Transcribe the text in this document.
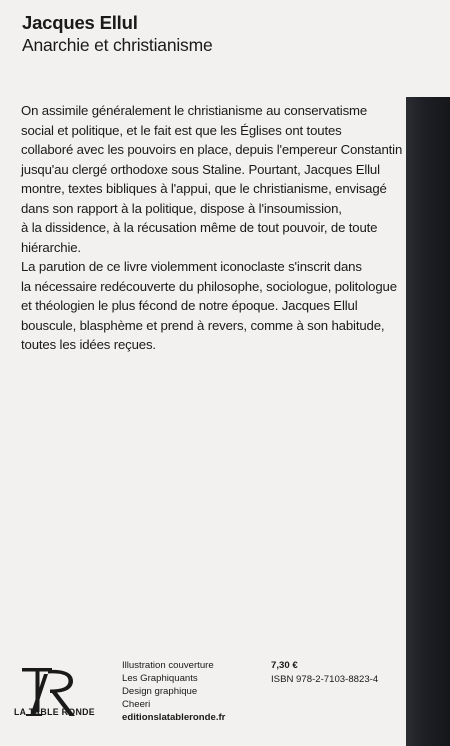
Jacques Ellul
Anarchie et christianisme

On assimile généralement le christianisme au conservatisme
social et politique, et le fait est que les Églises ont toutes
collaboré avec les pouvoirs en place, depuis l'empereur Constantin
jusqu'au clergé orthodoxe sous Staline. Pourtant, Jacques Ellul
montre, textes bibliques à l'appui, que le christianisme, envisagé
dans son rapport à la politique, dispose à l'insoumission,
à la dissidence, à la récusation même de tout pouvoir, de toute
hiérarchie.

La parution de ce livre violemment iconoclaste s'inscrit dans
la nécessaire redécouverte du philosophe, sociologue, politologue
et théologien le plus fécond de notre époque. Jacques Ellul
bouscule, blasphème et prend à revers, comme à son habitude,
toutes les idées reçues.

LA TABLE RONDE
Illustration couverture
Les Graphiquants
Design graphique
Cheeri
editionslatableronde.fr
7,30 €
ISBN 978-2-7103-8823-4
